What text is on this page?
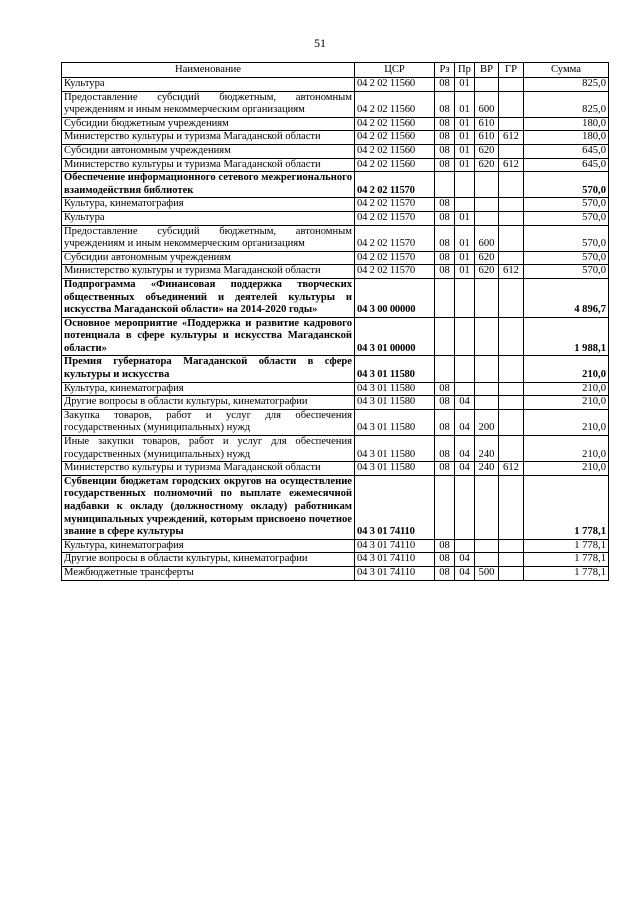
51
Наименование	ЦСР	Рз	Пр	ВР	ГР	Сумма
Культура	04 2 02 11560	08	01			825,0
Предоставление субсидий бюджетным, автономным учреждениям и иным некоммерческим организациям	04 2 02 11560	08	01	600		825,0
Субсидии бюджетным учреждениям	04 2 02 11560	08	01	610		180,0
Министерство культуры и туризма Магаданской области	04 2 02 11560	08	01	610	612	180,0
Субсидии автономным учреждениям	04 2 02 11560	08	01	620		645,0
Министерство культуры и туризма Магаданской области	04 2 02 11560	08	01	620	612	645,0
Обеспечение информационного сетевого межрегионального взаимодействия библиотек	04 2 02 11570					570,0
Культура, кинематография	04 2 02 11570	08				570,0
Культура	04 2 02 11570	08	01			570,0
Предоставление субсидий бюджетным, автономным учреждениям и иным некоммерческим организациям	04 2 02 11570	08	01	600		570,0
Субсидии автономным учреждениям	04 2 02 11570	08	01	620		570,0
Министерство культуры и туризма Магаданской области	04 2 02 11570	08	01	620	612	570,0
Подпрограмма «Финансовая поддержка творческих общественных объединений и деятелей культуры и искусства Магаданской области» на 2014-2020 годы»	04 3 00 00000					4 896,7
Основное мероприятие «Поддержка и развитие кадрового потенциала в сфере культуры и искусства Магаданской области»	04 3 01 00000					1 988,1
Премия губернатора Магаданской области в сфере культуры и искусства	04 3 01 11580					210,0
Культура, кинематография	04 3 01 11580	08				210,0
Другие вопросы в области культуры, кинематографии	04 3 01 11580	08	04			210,0
Закупка товаров, работ и услуг для обеспечения государственных (муниципальных) нужд	04 3 01 11580	08	04	200		210,0
Иные закупки товаров, работ и услуг для обеспечения государственных (муниципальных) нужд	04 3 01 11580	08	04	240		210,0
Министерство культуры и туризма Магаданской области	04 3 01 11580	08	04	240	612	210,0
Субвенции бюджетам городских округов на осуществление государственных полномочий по выплате ежемесячной надбавки к окладу (должностному окладу) работникам муниципальных учреждений, которым присвоено почетное звание в сфере культуры	04 3 01 74110					1 778,1
Культура, кинематография	04 3 01 74110	08				1 778,1
Другие вопросы в области культуры, кинематографии	04 3 01 74110	08	04			1 778,1
Межбюджетные трансферты	04 3 01 74110	08	04	500		1 778,1
